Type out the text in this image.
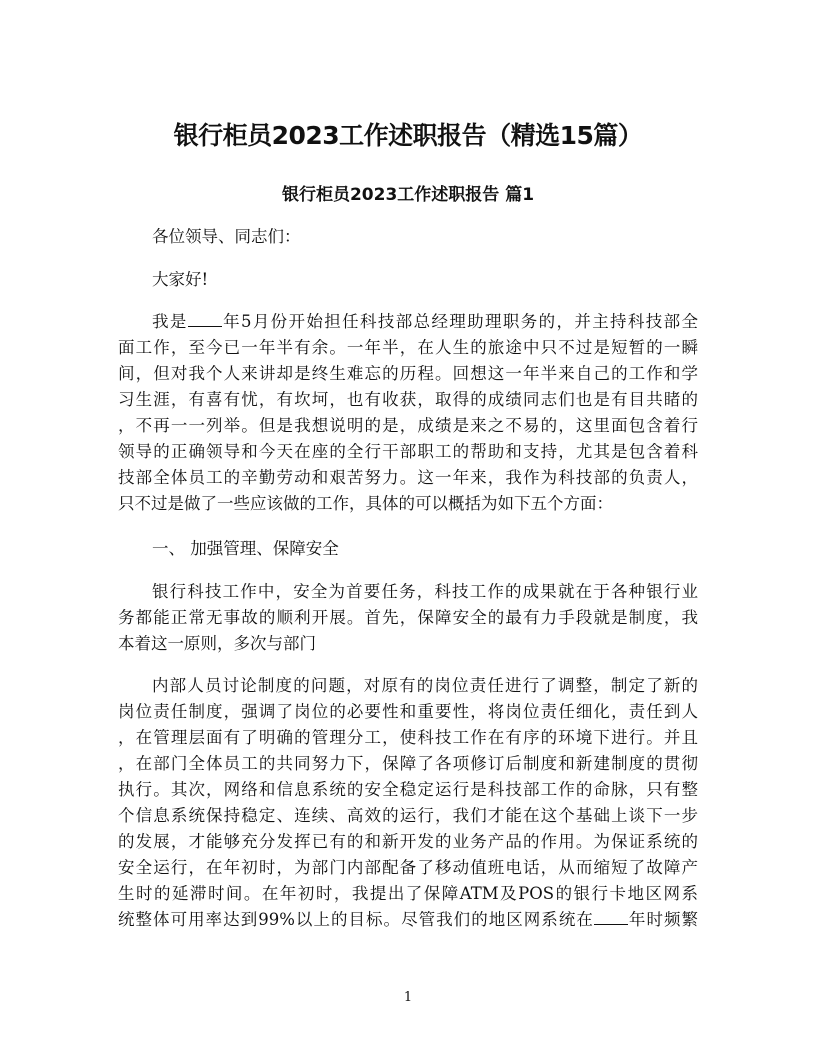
银行柜员2023工作述职报告（精选15篇）
银行柜员2023工作述职报告 篇1
各位领导、同志们：
大家好!
我是 年5月份开始担任科技部总经理助理职务的，并主持科技部全
面工作，至今已一年半有余。一年半，在人生的旅途中只不过是短暂的一瞬
间，但对我个人来讲却是终生难忘的历程。回想这一年半来自己的工作和学
习生涯，有喜有忧，有坎坷，也有收获，取得的成绩同志们也是有目共睹的
，不再一一列举。但是我想说明的是，成绩是来之不易的，这里面包含着行
领导的正确领导和今天在座的全行干部职工的帮助和支持，尤其是包含着科
技部全体员工的辛勤劳动和艰苦努力。这一年来，我作为科技部的负责人，
只不过是做了一些应该做的工作，具体的可以概括为如下五个方面：
一、 加强管理、保障安全
银行科技工作中，安全为首要任务，科技工作的成果就在于各种银行业
务都能正常无事故的顺利开展。首先，保障安全的最有力手段就是制度，我
本着这一原则，多次与部门
内部人员讨论制度的问题，对原有的岗位责任进行了调整，制定了新的
岗位责任制度，强调了岗位的必要性和重要性，将岗位责任细化，责任到人
，在管理层面有了明确的管理分工，使科技工作在有序的环境下进行。并且
，在部门全体员工的共同努力下，保障了各项修订后制度和新建制度的贯彻
执行。其次，网络和信息系统的安全稳定运行是科技部工作的命脉，只有整
个信息系统保持稳定、连续、高效的运行，我们才能在这个基础上谈下一步
的发展，才能够充分发挥已有的和新开发的业务产品的作用。为保证系统的
安全运行，在年初时，为部门内部配备了移动值班电话，从而缩短了故障产
生时的延滞时间。在年初时，我提出了保障ATM及POS的银行卡地区网系
统整体可用率达到99%以上的目标。尽管我们的地区网系统在 年时频繁
1
